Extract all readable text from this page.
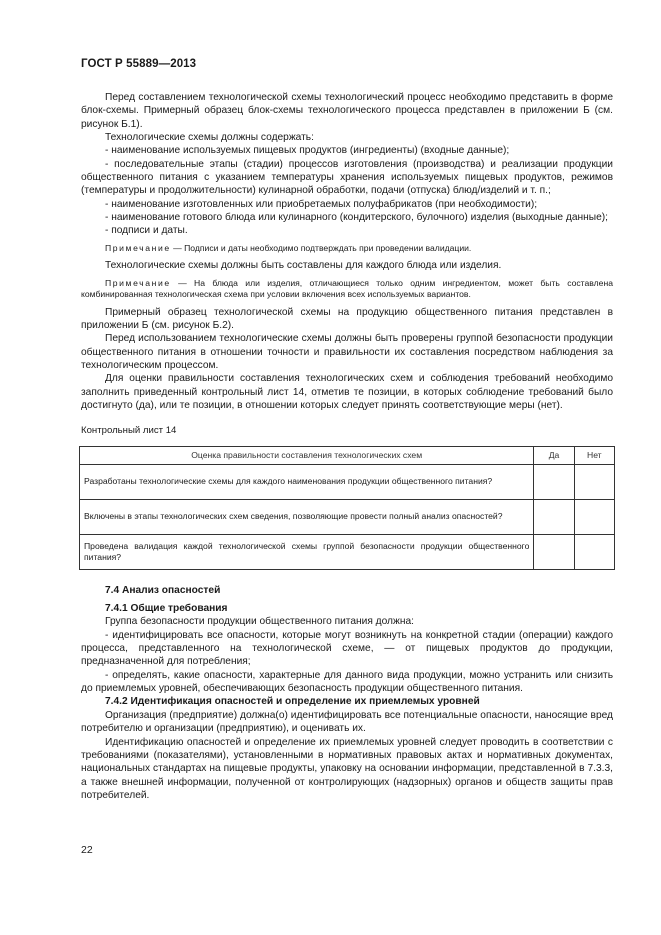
ГОСТ Р 55889—2013

Перед составлением технологической схемы технологический процесс необходимо представить в форме блок-схемы. Примерный образец блок-схемы технологического процесса представлен в приложении Б (см. рисунок Б.1).

Технологические схемы должны содержать:

- наименование используемых пищевых продуктов (ингредиенты) (входные данные);

- последовательные этапы (стадии) процессов изготовления (производства) и реализации продукции общественного питания с указанием температуры хранения используемых пищевых продуктов, режимов (температуры и продолжительности) кулинарной обработки, подачи (отпуска) блюд/изделий и т. п.;

- наименование изготовленных или приобретаемых полуфабрикатов (при необходимости);

- наименование готового блюда или кулинарного (кондитерского, булочного) изделия (выходные данные);

- подписи и даты.

Примечание — Подписи и даты необходимо подтверждать при проведении валидации.

Технологические схемы должны быть составлены для каждого блюда или изделия.

Примечание — На блюда или изделия, отличающиеся только одним ингредиентом, может быть составлена комбинированная технологическая схема при условии включения всех используемых вариантов.

Примерный образец технологической схемы на продукцию общественного питания представлен в приложении Б (см. рисунок Б.2).

Перед использованием технологические схемы должны быть проверены группой безопасности продукции общественного питания в отношении точности и правильности их составления посредством наблюдения за технологическим процессом.

Для оценки правильности составления технологических схем и соблюдения требований необходимо заполнить приведенный контрольный лист 14, отметив те позиции, в которых соблюдение требований было достигнуто (да), или те позиции, в отношении которых следует принять соответствующие меры (нет).

Контрольный лист 14

Оценка правильности составления технологических схем	Да	Нет
Разработаны технологические схемы для каждого наименования продукции общественного питания?		
Включены в этапы технологических схем сведения, позволяющие провести полный анализ опасностей?		
Проведена валидация каждой технологической схемы группой безопасности продукции общественного питания?		

7.4 Анализ опасностей

7.4.1 Общие требования

Группа безопасности продукции общественного питания должна:

- идентифицировать все опасности, которые могут возникнуть на конкретной стадии (операции) каждого процесса, представленного на технологической схеме, — от пищевых продуктов до продукции, предназначенной для потребления;

- определять, какие опасности, характерные для данного вида продукции, можно устранить или снизить до приемлемых уровней, обеспечивающих безопасность продукции общественного питания.

7.4.2 Идентификация опасностей и определение их приемлемых уровней

Организация (предприятие) должна(о) идентифицировать все потенциальные опасности, наносящие вред потребителю и организации (предприятию), и оценивать их.

Идентификацию опасностей и определение их приемлемых уровней следует проводить в соответствии с требованиями (показателями), установленными в нормативных правовых актах и нормативных документах, национальных стандартах на пищевые продукты, упаковку на основании информации, представленной в 7.3.3, а также внешней информации, полученной от контролирующих (надзорных) органов и обществ защиты прав потребителей.

22
